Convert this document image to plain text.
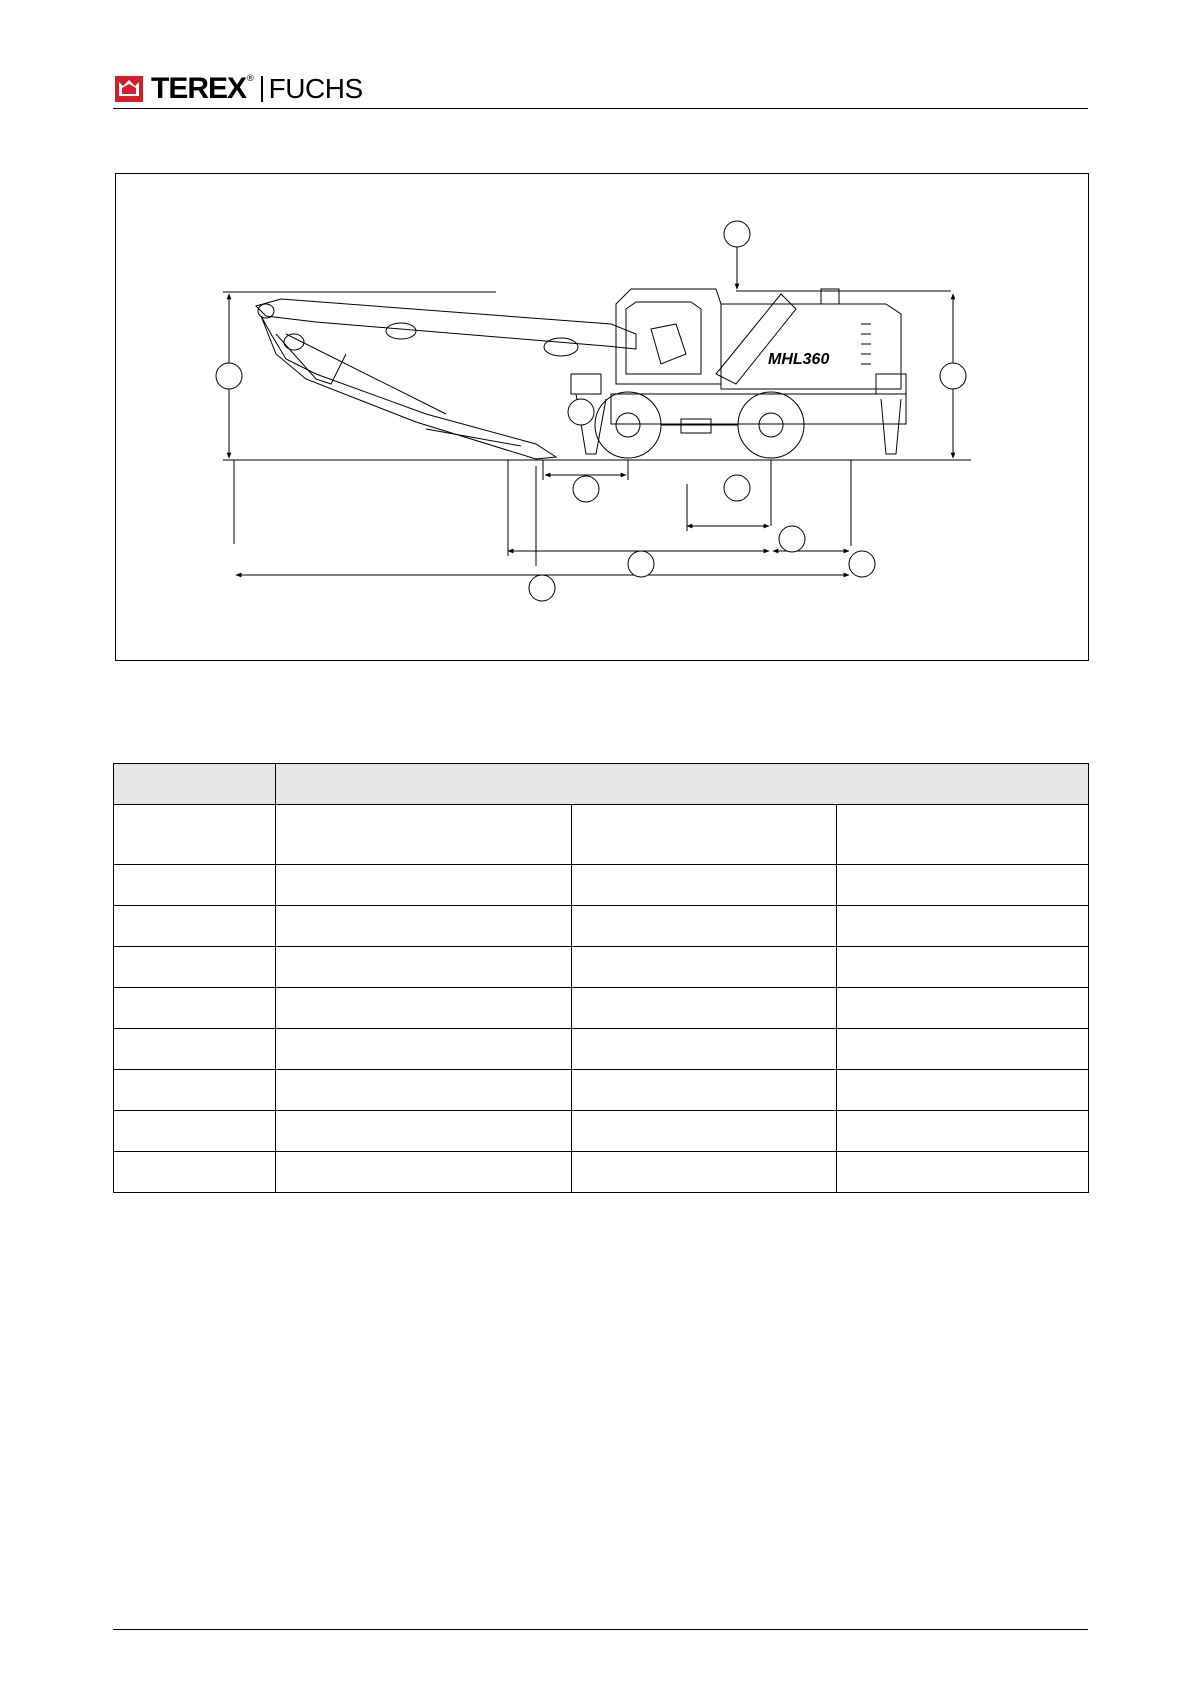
TEREX® FUCHS
MHL360
